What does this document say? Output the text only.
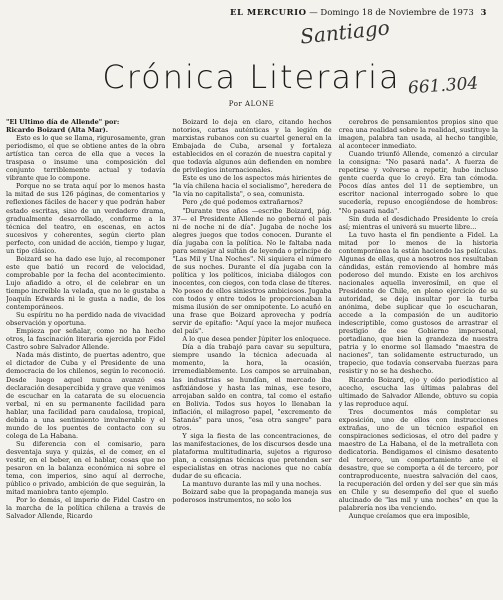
EL MERCURIO — Domingo 18 de Noviembre de 1973 3
Santiago
Crónica Literaria 661.304
Por ALONE

"El Ultimo día de Allende" por:

Ricardo Boizard (Alta Mar).

Esto es lo que se llama, rigurosamente, gran periodismo, el que se obtiene antes de la obra artística tan cerca de ella que a veces la traspasa o insume una composición del conjunto terriblemente actual y todavía vibrante que lo compone.

Porque no se trata aquí por lo menos hasta la mitad de sus 126 páginas, de comentarios y reflexiones fáciles de hacer y que podrán haber estado escritas, sino de un verdadero drama, gradualmente desarrollado, conforme a la técnica del teatro, en escenas, en actos sucesivos y coherentes, según cierto plan perfecto, con unidad de acción, tiempo y lugar, un tipo clásico.

Boizard se ha dado ese lujo, al recomponer este que batió un record de velocidad, comprobable por la fecha del acontecimiento. Lujo añadido a otro, el de celebrar en un tiempo increíble la velada, que no le gustaba a Joaquín Edwards ni le gusta a nadie, de los contemporáneos.

Su espíritu no ha perdido nada de vivacidad observación y oportuna.

Empieza por señalar, como no ha hecho otros, la fascinación literaria ejercida por Fidel Castro sobre Salvador Allende.

Nada más distinto, de puertas adentro, que el dictador de Cuba y el Presidente de una democracia de los chilenos, según lo reconoció. Desde luego aquel nunca avanzó esa declaración desapercibida y grave que venimos de escuchar en la catarata de su elocuencia verbal, ni en su permanente facilidad para hablar, una facilidad para caudalosa, tropical, debida a una sentimiento invulnerable y el mundo de los puentes de contacto con su colega de La Habana.

Su diferencia con el comisario, para desventaja suya y quizás, el de comer, en el vestir, en el beber, en el hablar, cosas que no pesaron en la balanza económica ni sobre el tema, con imperios, sino aquí al derroche, público o privado, ambición de que seguirán, la mitad maniobra tanto ejemplo.

Por lo demás, el imperio de Fidel Castro en la marcha de la política chilena a través de Salvador Allende, Ricardo

Boizard lo deja en claro, citando hechos notorios, cartas auténticas y la legión de marxistas rubanos con su cuartel general en la Embajada de Cuba, arsenal y fortaleza establecidos en el corazón de nuestra capital y que todavía algunos aún defienden en nombre de privilegios internacionales.

Este es uno de los aspectos más hirientes de "la vía chilena hacia el socialismo", heredera de "la vía no capitalista", o sea, comunista.

Pero ¿de qué podemos extrañarnos?

"Durante tres años —escribe Boizard, pág. 37— el Presidente Allende no gobernó el país ni de noche ni de día". Jugaba de noche los alegres juegos que todos conocen. Durante el día jugaba con la política. No le faltaba nada para semejar al sultán de leyenda o príncipe de "Las Mil y Una Noches". Ni siquiera el número de sus noches. Durante el día jugaba con la política y los políticos, iniciaba diálogos con inocentes, con ciegos, con toda clase de títeres. No poseo de ellos siniestros ambiciosos. Jugaba con todos y entre todos le proporcionaban la misma ilusión de ser omnipotente. Lo acuñó en una frase que Boizard aprovecha y podría servir de epitafio: "Aquí yace la mejor muñeca del país".

A lo que desea pender Júpiter los enloquece.

Día a día trabajó para cavar su sepultura, siempre usando la técnica adecuada al momento, la hora, la ocasión, irremediablemente. Los campos se arruinaban, las industrias se hundían, el mercado iba asfixiándose y hasta las minas, ese tesoro, arrojaban saldo en contra, tal como el estaño en Bolivia. Todos sus hoyos lo llenaban la inflación, el milagroso papel, "excremento de Satanás" para unos, "esa otra sangre" para otros.

Y siga la fiesta de las concentraciones, de las manifestaciones, de los discursos desde una plataforma multitudinaria, sujetos a riguroso plan, a consignas técnicas que pretenden ser especialistas en otras naciones que no cabía dudar de su eficacia.

La mantuvo durante las mil y una noches.

Boizard sabe que la propaganda maneja sus poderosos instrumentos, no solo los

cerebros de pensamientos propios sino que crea una realidad sobre la realidad, sustituye la imagen, palabra tan usada, al hecho tangible, al acontecer inmediato.

Cuando triunfó Allende, comenzó a circular la consigna: "No pasará nada". A fuerza de repetirse y volverse a repetir, hubo incluso gente cuerda que lo creyó. Era tan cómoda. Pocos días antes del 11 de septiembre, un escritor nacional interrogado sobre lo que sucedería, repuso encogiéndose de hombros: "No pasará nada".

Sin duda el desdichado Presidente lo creía así; mientras el univerá su muerte libre...

La tuvo hasta el fin pendiente a Fidel. La mitad por lo menos de la historia contemporánea la están haciendo las películas. Algunas de ellas, que a nosotros nos resultaban cándidas, están removiendo al hombre más poderoso del mundo. Existe en los archivos nacionales aquella inverosímil, en que el Presidente de Chile, en pleno ejercicio de su autoridad, se deja insultar por la turba anónima, debe suplicar que lo escucharan, accede a la compasión de un auditorio indescriptible, como gustosos de arrastrar el prestigio de ese Gobierno impersonal, portadiano, que bien la grandeza de nuestra patria y lo enorme sol llamado "maestra de naciones", tan solidamente estructurado, un trapecio, que todavía conservaba fuerzas para resistir y no se ha deshecho.

Ricardo Boizard, ojo y oído periodístico al acecho, escucha las últimas palabras del ultimado de Salvador Allende, obtuvo su copia y las reproduce aquí.

Tres documentos más completar su exposición, uno de ellos con instrucciones extrañas, uno de un técnico español en conspiraciones sediciosas, el otro del padre y maestro de La Habana, el de la metralleta con dedicatoria. Bendigamos el cinismo desatento del tercero, un comportamiento ante el desastre, que se comporta a él de tercero, por contraproducente, nuestra salvación del caos, la recuperación del orden y del ser que sin más en Chile y su desempeño del que el sueño alucinado de "las mil y una noches" en que la palabrería nos iba venciendo.

Aunque creíamos que era imposible,
